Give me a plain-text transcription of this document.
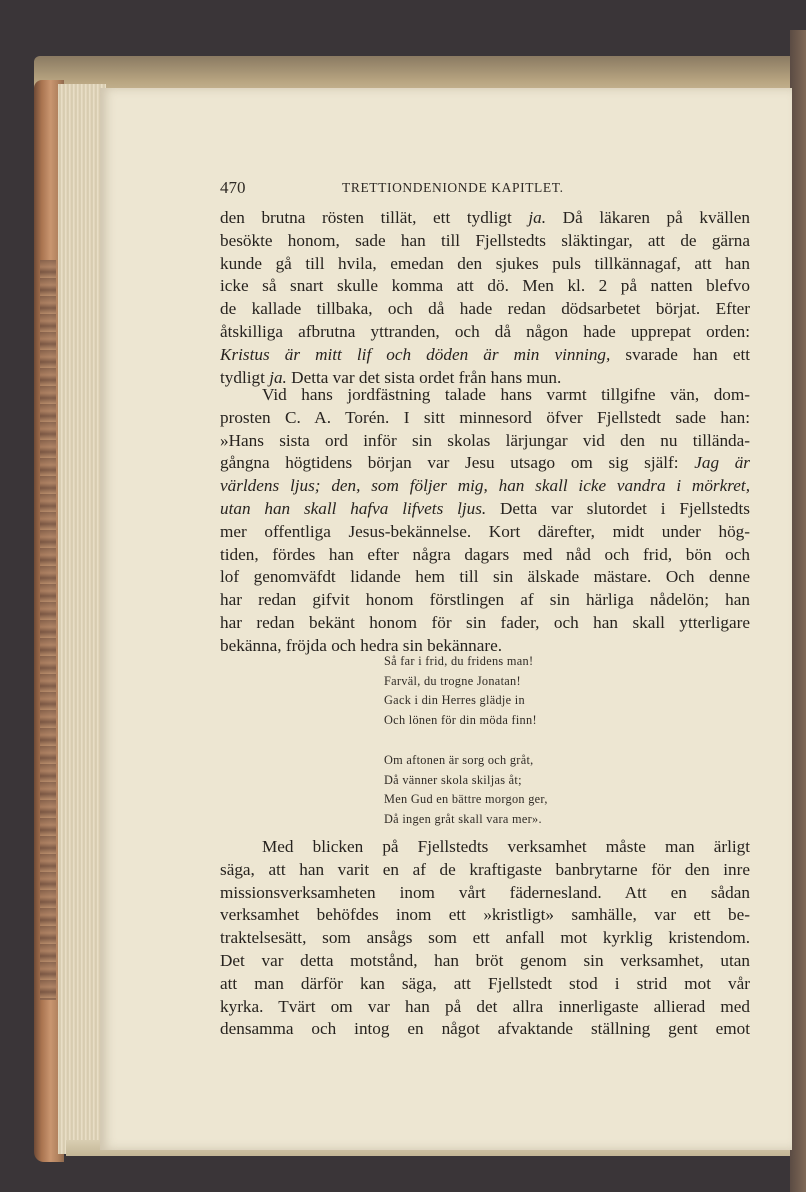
470	TRETTIONDENIONDE KAPITLET.
den brutna rösten tillät, ett tydligt ja. Då läkaren på kvällen
besökte honom, sade han till Fjellstedts släktingar, att de gärna
kunde gå till hvila, emedan den sjukes puls tillkännagaf, att han
icke så snart skulle komma att dö. Men kl. 2 på natten blefvo
de kallade tillbaka, och då hade redan dödsarbetet börjat. Efter
åtskilliga afbrutna yttranden, och då någon hade upprepat orden:
Kristus är mitt lif och döden är min vinning, svarade han ett
tydligt ja. Detta var det sista ordet från hans mun.
Vid hans jordfästning talade hans varmt tillgifne vän, dom-
prosten C. A. Torén. I sitt minnesord öfver Fjellstedt sade han:
»Hans sista ord inför sin skolas lärjungar vid den nu tillända-
gångna högtidens början var Jesu utsago om sig själf: Jag är
världens ljus; den, som följer mig, han skall icke vandra i mörkret,
utan han skall hafva lifvets ljus. Detta var slutordet i Fjellstedts
mer offentliga Jesus-bekännelse. Kort därefter, midt under hög-
tiden, fördes han efter några dagars med nåd och frid, bön och
lof genomväfdt lidande hem till sin älskade mästare. Och denne
har redan gifvit honom förstlingen af sin härliga nådelön; han
har redan bekänt honom för sin fader, och han skall ytterligare
bekänna, fröjda och hedra sin bekännare.
Så far i frid, du fridens man!
Farväl, du trogne Jonatan!
Gack i din Herres glädje in
Och lönen för din möda finn!
Om aftonen är sorg och gråt,
Då vänner skola skiljas åt;
Men Gud en bättre morgon ger,
Då ingen gråt skall vara mer».
Med blicken på Fjellstedts verksamhet måste man ärligt
säga, att han varit en af de kraftigaste banbrytarne för den inre
missionsverksamheten inom vårt fädernesland. Att en sådan
verksamhet behöfdes inom ett »kristligt» samhälle, var ett be-
traktelsesätt, som ansågs som ett anfall mot kyrklig kristendom.
Det var detta motstånd, han bröt genom sin verksamhet, utan
att man därför kan säga, att Fjellstedt stod i strid mot vår
kyrka. Tvärt om var han på det allra innerligaste allierad med
densamma och intog en något afvaktande ställning gent emot
